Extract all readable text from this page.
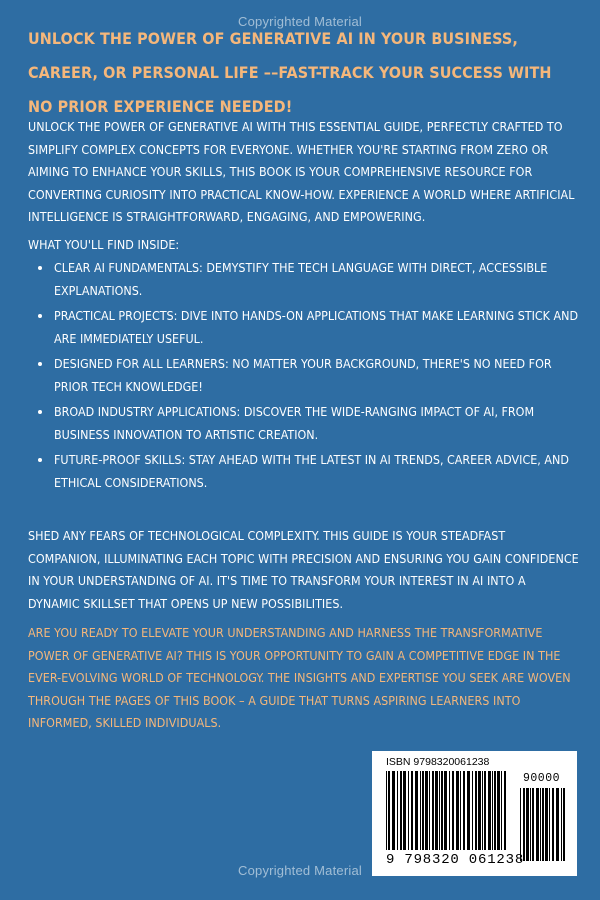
Copyrighted Material
UNLOCK THE POWER OF GENERATIVE AI IN YOUR BUSINESS, CAREER, OR PERSONAL LIFE ––FAST-TRACK YOUR SUCCESS WITH NO PRIOR EXPERIENCE NEEDED!
UNLOCK THE POWER OF GENERATIVE AI WITH THIS ESSENTIAL GUIDE, PERFECTLY CRAFTED TO SIMPLIFY COMPLEX CONCEPTS FOR EVERYONE. WHETHER YOU'RE STARTING FROM ZERO OR AIMING TO ENHANCE YOUR SKILLS, THIS BOOK IS YOUR COMPREHENSIVE RESOURCE FOR CONVERTING CURIOSITY INTO PRACTICAL KNOW-HOW. EXPERIENCE A WORLD WHERE ARTIFICIAL INTELLIGENCE IS STRAIGHTFORWARD, ENGAGING, AND EMPOWERING.
WHAT YOU'LL FIND INSIDE:
CLEAR AI FUNDAMENTALS: DEMYSTIFY THE TECH LANGUAGE WITH DIRECT, ACCESSIBLE EXPLANATIONS.
PRACTICAL PROJECTS: DIVE INTO HANDS-ON APPLICATIONS THAT MAKE LEARNING STICK AND ARE IMMEDIATELY USEFUL.
DESIGNED FOR ALL LEARNERS: NO MATTER YOUR BACKGROUND, THERE'S NO NEED FOR PRIOR TECH KNOWLEDGE!
BROAD INDUSTRY APPLICATIONS: DISCOVER THE WIDE-RANGING IMPACT OF AI, FROM BUSINESS INNOVATION TO ARTISTIC CREATION.
FUTURE-PROOF SKILLS: STAY AHEAD WITH THE LATEST IN AI TRENDS, CAREER ADVICE, AND ETHICAL CONSIDERATIONS.
SHED ANY FEARS OF TECHNOLOGICAL COMPLEXITY. THIS GUIDE IS YOUR STEADFAST COMPANION, ILLUMINATING EACH TOPIC WITH PRECISION AND ENSURING YOU GAIN CONFIDENCE IN YOUR UNDERSTANDING OF AI. IT'S TIME TO TRANSFORM YOUR INTEREST IN AI INTO A DYNAMIC SKILLSET THAT OPENS UP NEW POSSIBILITIES.
ARE YOU READY TO ELEVATE YOUR UNDERSTANDING AND HARNESS THE TRANSFORMATIVE POWER OF GENERATIVE AI? THIS IS YOUR OPPORTUNITY TO GAIN A COMPETITIVE EDGE IN THE EVER-EVOLVING WORLD OF TECHNOLOGY. THE INSIGHTS AND EXPERTISE YOU SEEK ARE WOVEN THROUGH THE PAGES OF THIS BOOK – A GUIDE THAT TURNS ASPIRING LEARNERS INTO INFORMED, SKILLED INDIVIDUALS.
ISBN 9798320061238
90000
9 798320 061238
Copyrighted Material
